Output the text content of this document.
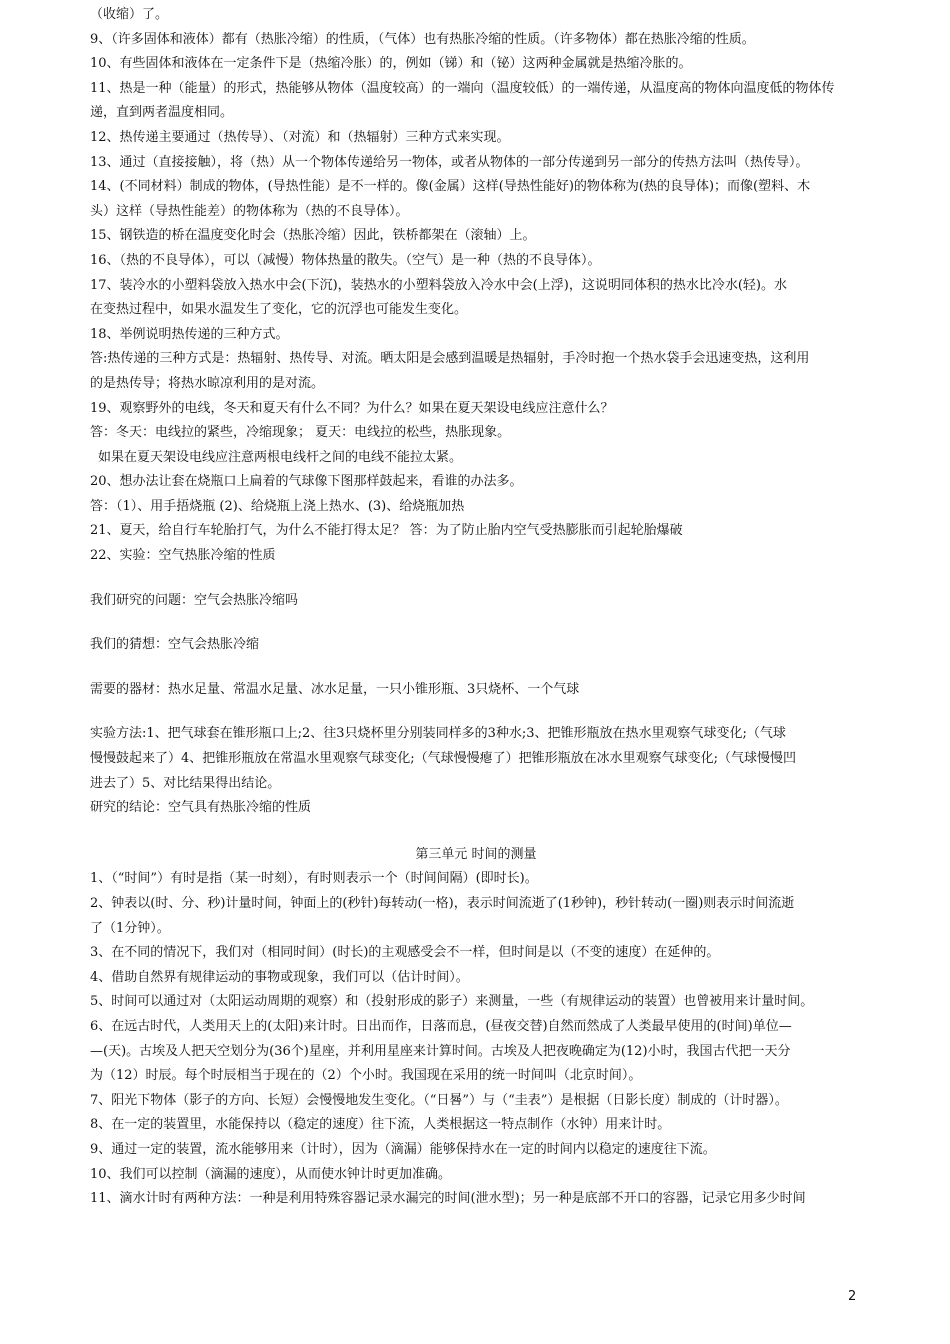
（收缩）了。
9、（许多固体和液体）都有（热胀冷缩）的性质，（气体）也有热胀冷缩的性质。（许多物体）都在热胀冷缩的性质。
10、有些固体和液体在一定条件下是（热缩冷胀）的，例如（锑）和（铋）这两种金属就是热缩冷胀的。
11、热是一种（能量）的形式，热能够从物体（温度较高）的一端向（温度较低）的一端传递，从温度高的物体向温度低的物体传
递，直到两者温度相同。
12、热传递主要通过（热传导）、（对流）和（热辐射）三种方式来实现。
13、通过（直接接触），将（热）从一个物体传递给另一物体，或者从物体的一部分传递到另一部分的传热方法叫（热传导）。
14、(不同材料）制成的物体，(导热性能）是不一样的。像(金属）这样(导热性能好)的物体称为(热的良导体)；而像(塑料、木
头）这样（导热性能差）的物体称为（热的不良导体）。
15、钢铁造的桥在温度变化时会（热胀冷缩）因此，铁桥都架在（滚轴）上。
16、（热的不良导体），可以（减慢）物体热量的散失。（空气）是一种（热的不良导体）。
17、装冷水的小塑料袋放入热水中会(下沉)，装热水的小塑料袋放入冷水中会(上浮)，这说明同体积的热水比冷水(轻)。水
在变热过程中，如果水温发生了变化，它的沉浮也可能发生变化。
18、举例说明热传递的三种方式。
答:热传递的三种方式是：热辐射、热传导、对流。晒太阳是会感到温暖是热辐射，手冷时抱一个热水袋手会迅速变热，这利用
的是热传导；将热水晾凉利用的是对流。
19、观察野外的电线，冬天和夏天有什么不同？为什么？如果在夏天架设电线应注意什么？
答：冬天：电线拉的紧些，冷缩现象； 夏天：电线拉的松些，热胀现象。
如果在夏天架设电线应注意两根电线杆之间的电线不能拉太紧。
20、想办法让套在烧瓶口上扁着的气球像下图那样鼓起来，看谁的办法多。
答：（1）、用手捂烧瓶 (2)、给烧瓶上浇上热水、(3)、给烧瓶加热
21、夏天，给自行车轮胎打气，为什么不能打得太足？ 答：为了防止胎内空气受热膨胀而引起轮胎爆破
22、实验：空气热胀冷缩的性质
我们研究的问题：空气会热胀冷缩吗
我们的猜想：空气会热胀冷缩
需要的器材：热水足量、常温水足量、冰水足量，一只小锥形瓶、3只烧杯、一个气球
实验方法:1、把气球套在锥形瓶口上;2、往3只烧杯里分别装同样多的3种水;3、把锥形瓶放在热水里观察气球变化;（气球
慢慢鼓起来了）4、把锥形瓶放在常温水里观察气球变化;（气球慢慢瘪了）把锥形瓶放在冰水里观察气球变化;（气球慢慢凹
进去了）5、对比结果得出结论。
研究的结论：空气具有热胀冷缩的性质
第三单元 时间的测量
1、（“时间”）有时是指（某一时刻），有时则表示一个（时间间隔）(即时长)。
2、钟表以(时、分、秒)计量时间，钟面上的(秒针)每转动(一格)，表示时间流逝了(1秒钟)，秒针转动(一圈)则表示时间流逝
了（1分钟）。
3、在不同的情况下，我们对（相同时间）(时长)的主观感受会不一样，但时间是以（不变的速度）在延伸的。
4、借助自然界有规律运动的事物或现象，我们可以（估计时间）。
5、时间可以通过对（太阳运动周期的观察）和（投射形成的影子）来测量，一些（有规律运动的装置）也曾被用来计量时间。
6、在远古时代，人类用天上的(太阳)来计时。日出而作，日落而息，(昼夜交替)自然而然成了人类最早使用的(时间)单位—
—(天)。古埃及人把天空划分为(36个)星座，并利用星座来计算时间。古埃及人把夜晚确定为(12)小时，我国古代把一天分
为（12）时辰。每个时辰相当于现在的（2）个小时。我国现在采用的统一时间叫（北京时间）。
7、阳光下物体（影子的方向、长短）会慢慢地发生变化。（“日晷”）与（“圭表”）是根据（日影长度）制成的（计时器）。
8、在一定的装置里，水能保持以（稳定的速度）往下流，人类根据这一特点制作（水钟）用来计时。
9、通过一定的装置，流水能够用来（计时），因为（滴漏）能够保持水在一定的时间内以稳定的速度往下流。
10、我们可以控制（滴漏的速度），从而使水钟计时更加准确。
11、滴水计时有两种方法：一种是利用特殊容器记录水漏完的时间(泄水型)；另一种是底部不开口的容器，记录它用多少时间
2
